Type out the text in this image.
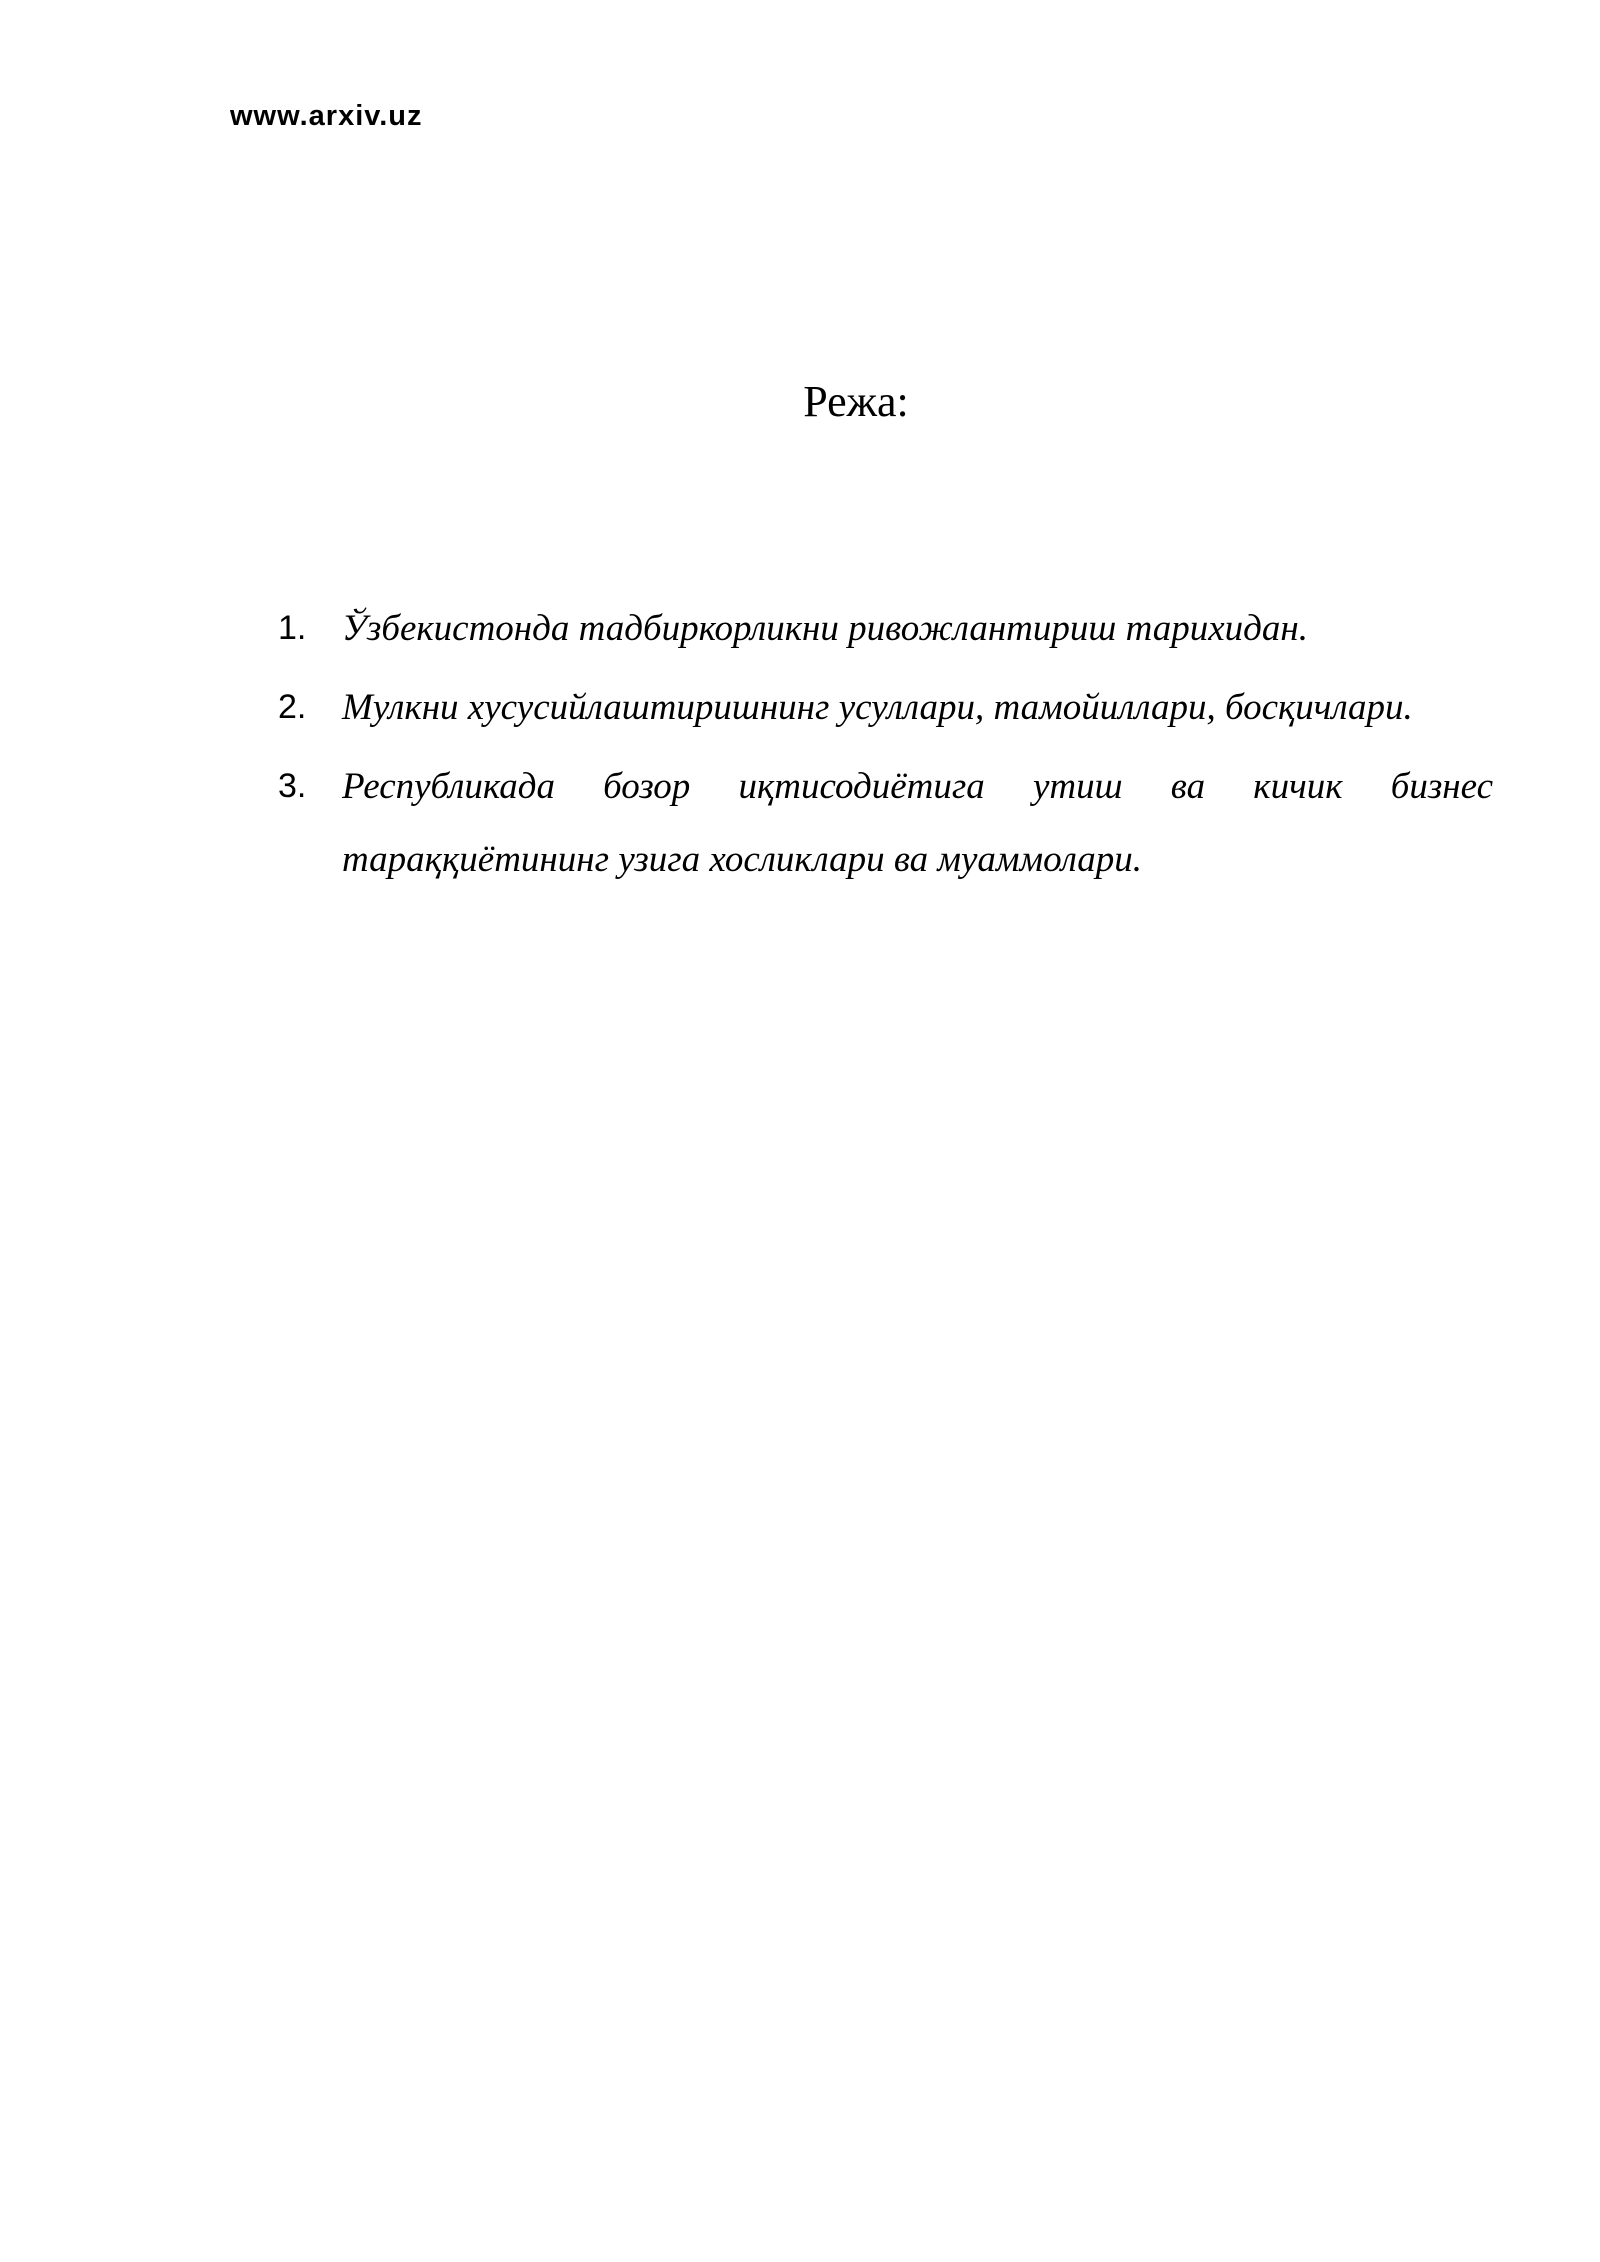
www.arxiv.uz
Режа:
1. Ўзбекистонда тадбиркорликни ривожлантириш тарихидан.
2. Мулкни хусусийлаштиришнинг усуллари, тамойиллари, босқичлари.
3. Республикада бозор иқтисодиётига утиш ва кичик бизнес тараққиётининг узига хосликлари ва муаммолари.
